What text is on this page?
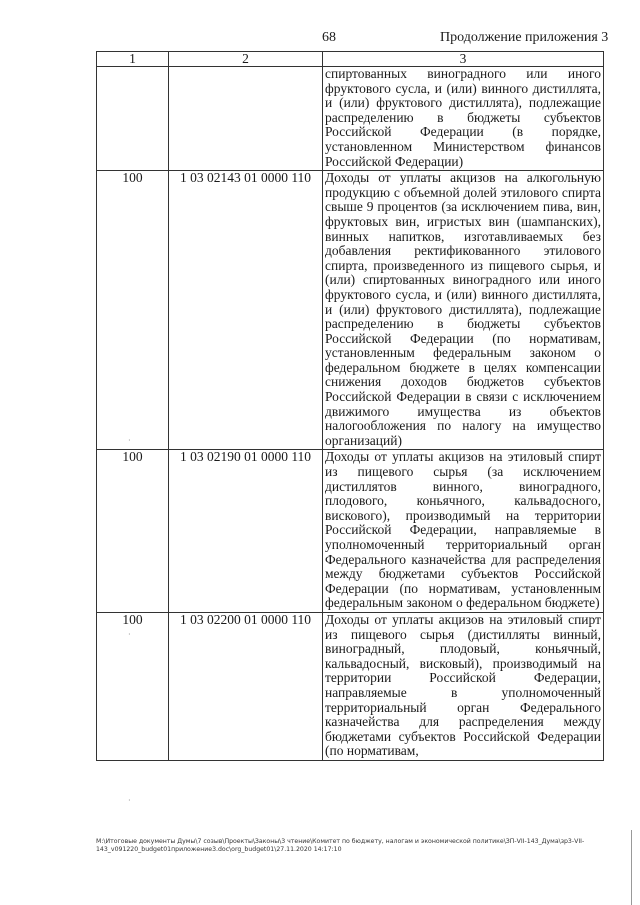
68	Продолжение приложения 3
1	2	3
		спиртованных виноградного или иного фруктового сусла, и (или) винного дистиллята, и (или) фруктового дистиллята), подлежащие распределению в бюджеты субъектов Российской Федерации (в порядке, установленном Министерством финансов Российской Федерации)
100	1 03 02143 01 0000 110	Доходы от уплаты акцизов на алкогольную продукцию с объемной долей этилового спирта свыше 9 процентов (за исключением пива, вин, фруктовых вин, игристых вин (шампанских), винных напитков, изготавливаемых без добавления ректификованного этилового спирта, произведенного из пищевого сырья, и (или) спиртованных виноградного или иного фруктового сусла, и (или) винного дистиллята, и (или) фруктового дистиллята), подлежащие распределению в бюджеты субъектов Российской Федерации (по нормативам, установленным федеральным законом о федеральном бюджете в целях компенсации снижения доходов бюджетов субъектов Российской Федерации в связи с исключением движимого имущества из объектов налогообложения по налогу на имущество организаций)
100	1 03 02190 01 0000 110	Доходы от уплаты акцизов на этиловый спирт из пищевого сырья (за исключением дистиллятов винного, виноградного, плодового, коньячного, кальвадосного, вискового), производимый на территории Российской Федерации, направляемые в уполномоченный территориальный орган Федерального казначейства для распределения между бюджетами субъектов Российской Федерации (по нормативам, установленным федеральным законом о федеральном бюджете)
100	1 03 02200 01 0000 110	Доходы от уплаты акцизов на этиловый спирт из пищевого сырья (дистилляты винный, виноградный, плодовый, коньячный, кальвадосный, висковый), производимый на территории Российской Федерации, направляемые в уполномоченный территориальный орган Федерального казначейства для распределения между бюджетами субъектов Российской Федерации (по нормативам,
·
·
·
М:\Итоговые документы Думы\7 созыв\Проекты\Законы\3 чтение\Комитет по бюджету, налогам и экономической политике\ЗП-VII-143_Дума\зр3-VII-143_v091220_budget01приложение3.doc\org_budget01\27.11.2020 14:17:10
